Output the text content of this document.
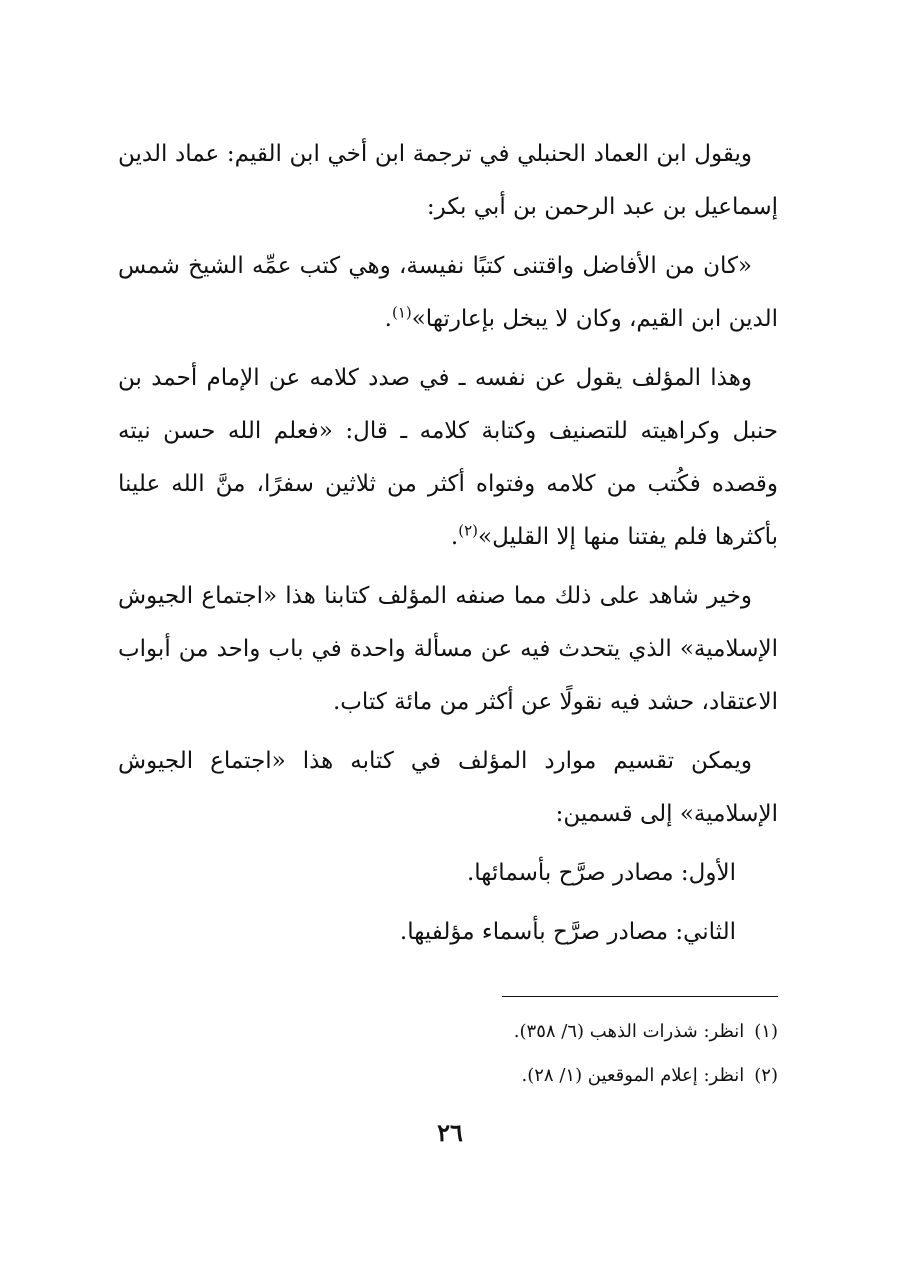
ويقول ابن العماد الحنبلي في ترجمة ابن أخي ابن القيم: عماد الدين إسماعيل بن عبد الرحمن بن أبي بكر:

«كان من الأفاضل واقتنى كتبًا نفيسة، وهي كتب عمِّه الشيخ شمس الدين ابن القيم، وكان لا يبخل بإعارتها»$^{(١)}$.

وهذا المؤلف يقول عن نفسه ـ في صدد كلامه عن الإمام أحمد بن حنبل وكراهيته للتصنيف وكتابة كلامه ـ قال: «فعلم الله حسن نيته وقصده فكُتب من كلامه وفتواه أكثر من ثلاثين سفرًا، منَّ الله علينا بأكثرها فلم يفتنا منها إلا القليل»$^{(٢)}$.

وخير شاهد على ذلك مما صنفه المؤلف كتابنا هذا «اجتماع الجيوش الإسلامية» الذي يتحدث فيه عن مسألة واحدة في باب واحد من أبواب الاعتقاد، حشد فيه نقولًا عن أكثر من مائة كتاب.

ويمكن تقسيم موارد المؤلف في كتابه هذا «اجتماع الجيوش الإسلامية» إلى قسمين:

الأول: مصادر صرَّح بأسمائها.

الثاني: مصادر صرَّح بأسماء مؤلفيها.

(١)انظر: شذرات الذهب (٦/ ٣٥٨).

(٢)انظر: إعلام الموقعين (١/ ٢٨).

٢٦
